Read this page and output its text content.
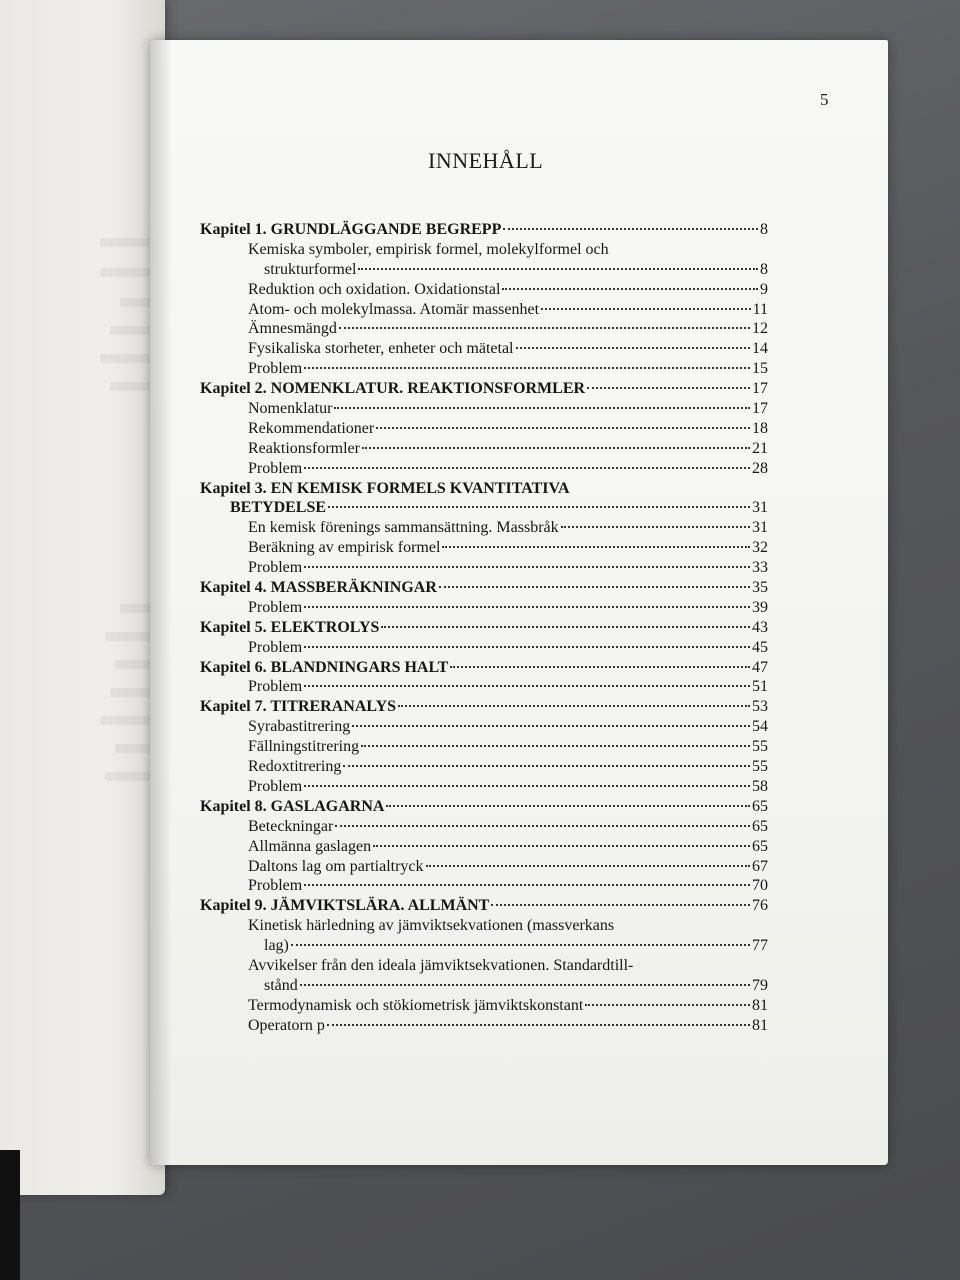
5
INNEHÅLL
Kapitel 1. GRUNDLÄGGANDE BEGREPP	8
Kemiska symboler, empirisk formel, molekylformel och
strukturformel	8
Reduktion och oxidation. Oxidationstal	9
Atom- och molekylmassa. Atomär massenhet	11
Ämnesmängd	12
Fysikaliska storheter, enheter och mätetal	14
Problem	15
Kapitel 2. NOMENKLATUR. REAKTIONSFORMLER	17
Nomenklatur	17
Rekommendationer	18
Reaktionsformler	21
Problem	28
Kapitel 3. EN KEMISK FORMELS KVANTITATIVA
BETYDELSE	31
En kemisk förenings sammansättning. Massbråk	31
Beräkning av empirisk formel	32
Problem	33
Kapitel 4. MASSBERÄKNINGAR	35
Problem	39
Kapitel 5. ELEKTROLYS	43
Problem	45
Kapitel 6. BLANDNINGARS HALT	47
Problem	51
Kapitel 7. TITRERANALYS	53
Syrabastitrering	54
Fällningstitrering	55
Redoxtitrering	55
Problem	58
Kapitel 8. GASLAGARNA	65
Beteckningar	65
Allmänna gaslagen	65
Daltons lag om partialtryck	67
Problem	70
Kapitel 9. JÄMVIKTSLÄRA. ALLMÄNT	76
Kinetisk härledning av jämviktsekvationen (massverkans
lag)	77
Avvikelser från den ideala jämviktsekvationen. Standardtill-
stånd	79
Termodynamisk och stökiometrisk jämviktskonstant	81
Operatorn p	81
